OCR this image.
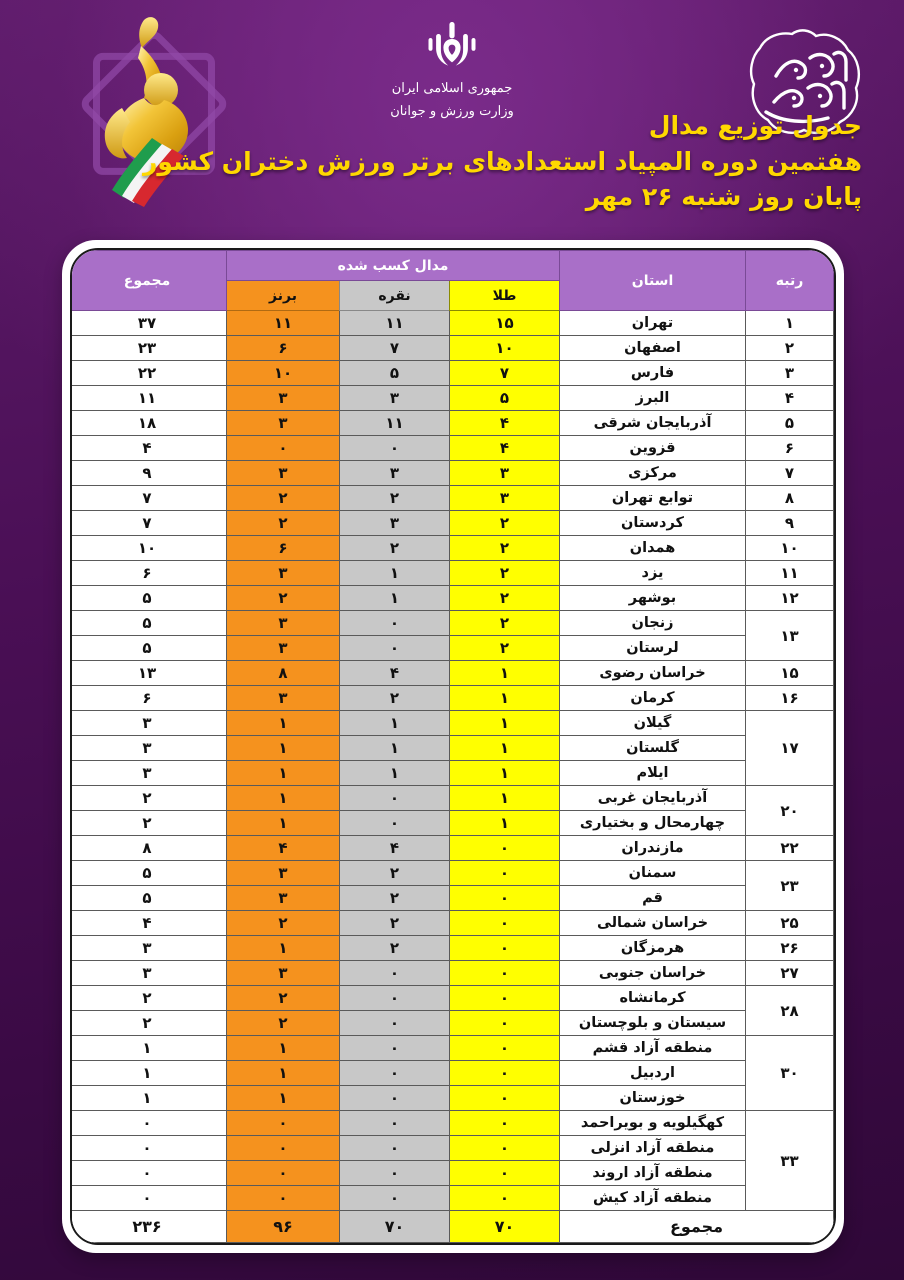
جمهوری اسلامی ایران
وزارت ورزش و جوانان	جدول توزیع مدال
هفتمین دوره المپیاد استعدادهای برتر ورزش دختران کشور
پایان روز شنبه ۲۶ مهر
رتبه	استان	مدال کسب شده			مجموع
		طلا	نقره	برنز	
۱	تهران	۱۵	۱۱	۱۱	۳۷
۲	اصفهان	۱۰	۷	۶	۲۳
۳	فارس	۷	۵	۱۰	۲۲
۴	البرز	۵	۳	۳	۱۱
۵	آذربایجان شرقی	۴	۱۱	۳	۱۸
۶	قزوین	۴	۰	۰	۴
۷	مرکزی	۳	۳	۳	۹
۸	توابع تهران	۳	۲	۲	۷
۹	کردستان	۲	۳	۲	۷
۱۰	همدان	۲	۲	۶	۱۰
۱۱	یزد	۲	۱	۳	۶
۱۲	بوشهر	۲	۱	۲	۵
۱۳	زنجان	۲	۰	۳	۵
	لرستان	۲	۰	۳	۵
۱۵	خراسان رضوی	۱	۴	۸	۱۳
۱۶	کرمان	۱	۲	۳	۶
۱۷	گیلان	۱	۱	۱	۳
	گلستان	۱	۱	۱	۳
	ایلام	۱	۱	۱	۳
۲۰	آذربایجان غربی	۱	۰	۱	۲
	چهارمحال و بختیاری	۱	۰	۱	۲
۲۲	مازندران	۰	۴	۴	۸
۲۳	سمنان	۰	۲	۳	۵
	قم	۰	۲	۳	۵
۲۵	خراسان شمالی	۰	۲	۲	۴
۲۶	هرمزگان	۰	۲	۱	۳
۲۷	خراسان جنوبی	۰	۰	۳	۳
۲۸	کرمانشاه	۰	۰	۲	۲
	سیستان و بلوچستان	۰	۰	۲	۲
۳۰	منطقه آزاد قشم	۰	۰	۱	۱
	اردبیل	۰	۰	۱	۱
	خوزستان	۰	۰	۱	۱
۳۳	کهگیلویه و بویراحمد	۰	۰	۰	۰
	منطقه آزاد انزلی	۰	۰	۰	۰
	منطقه آزاد اروند	۰	۰	۰	۰
	منطقه آزاد کیش	۰	۰	۰	۰
مجموع		۷۰	۷۰	۹۶	۲۳۶
